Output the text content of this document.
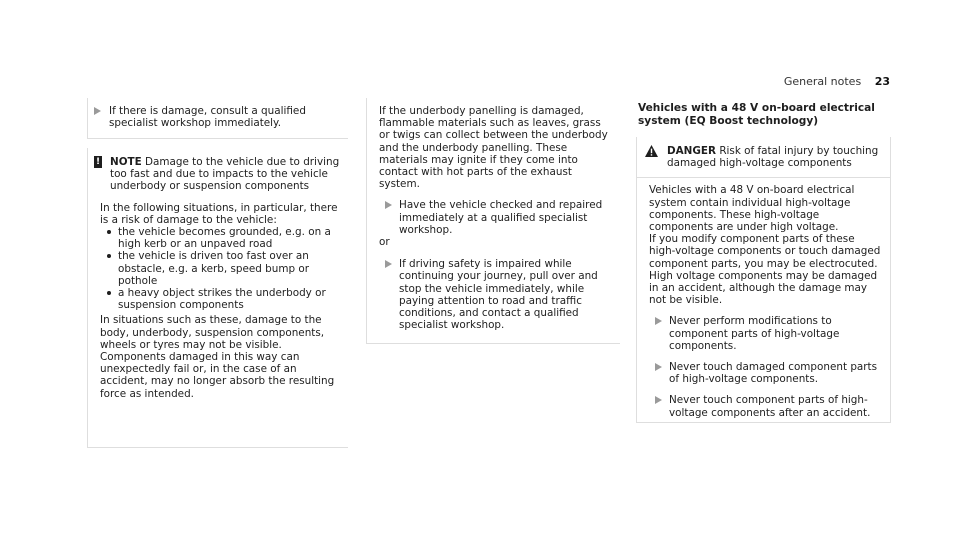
General notes 23

If there is damage, consult a qualified specialist workshop immediately.

! NOTE Damage to the vehicle due to driving too fast and due to impacts to the vehicle underbody or suspension components

In the following situations, in particular, there is a risk of damage to the vehicle:

the vehicle becomes grounded, e.g. on a high kerb or an unpaved road

the vehicle is driven too fast over an obstacle, e.g. a kerb, speed bump or pothole

a heavy object strikes the underbody or suspension components

In situations such as these, damage to the body, underbody, suspension components, wheels or tyres may not be visible. Components damaged in this way can unexpectedly fail or, in the case of an accident, may no longer absorb the resulting force as intended.

If the underbody panelling is damaged, flammable materials such as leaves, grass or twigs can collect between the underbody and the underbody panelling. These materials may ignite if they come into contact with hot parts of the exhaust system.

Have the vehicle checked and repaired immediately at a qualified specialist workshop.

or

If driving safety is impaired while continuing your journey, pull over and stop the vehicle immediately, while paying attention to road and traffic conditions, and contact a qualified specialist workshop.

Vehicles with a 48 V on-board electrical system (EQ Boost technology)

DANGER Risk of fatal injury by touching damaged high-voltage components

Vehicles with a 48 V on-board electrical system contain individual high-voltage components. These high-voltage components are under high voltage.

If you modify component parts of these high-voltage components or touch damaged component parts, you may be electrocuted.

High voltage components may be damaged in an accident, although the damage may not be visible.

Never perform modifications to component parts of high-voltage components.

Never touch damaged component parts of high-voltage components.

Never touch component parts of high-voltage components after an accident.
